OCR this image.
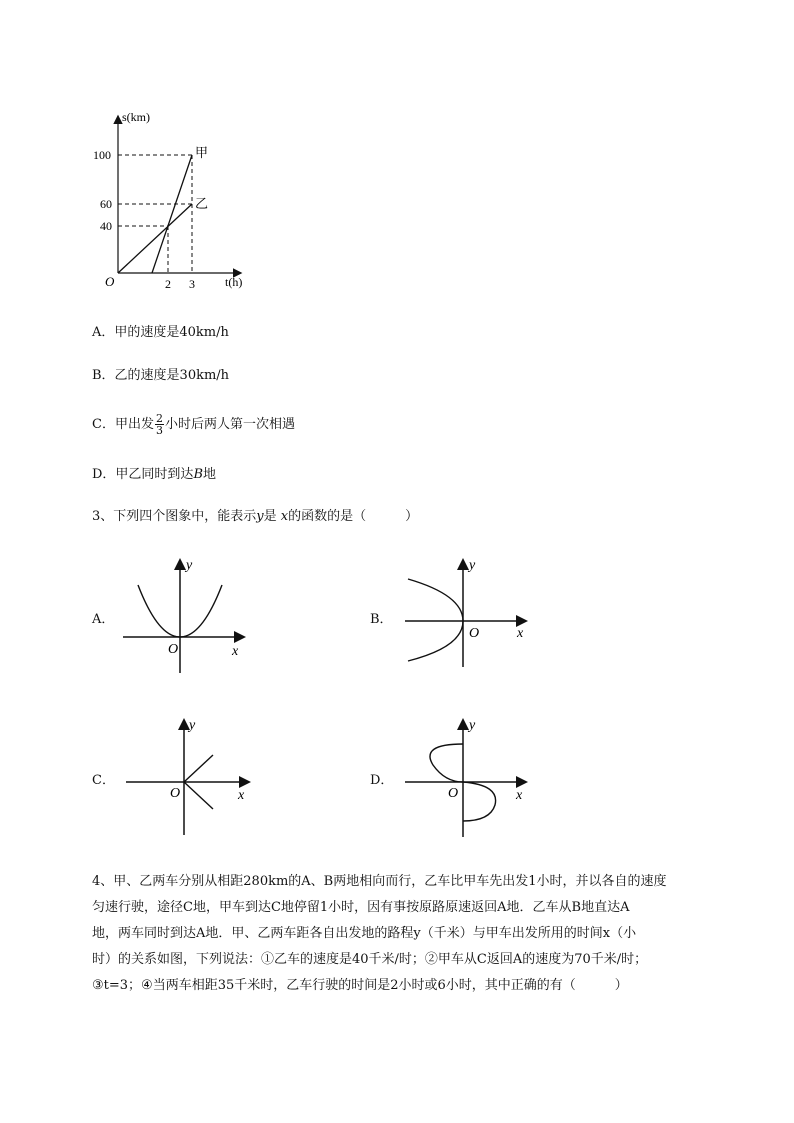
s(km)
t(h)
O
100
60
40
2 3
甲
乙
A．甲的速度是40km/h
B．乙的速度是30km/h
C．甲出发 $\frac{2}{3}$ 小时后两人第一次相遇
D．甲乙同时到达B地
3、下列四个图象中，能表示y是 x的函数的是（　　　）
A．
y
x
O
B．
y
x
O
C．
y
x
O
D．
y
x
O
4、甲、乙两车分别从相距280km的A、B两地相向而行，乙车比甲车先出发1小时，并以各自的速度
匀速行驶，途径C地，甲车到达C地停留1小时，因有事按原路原速返回A地．乙车从B地直达A
地，两车同时到达A地．甲、乙两车距各自出发地的路程y（千米）与甲车出发所用的时间x（小
时）的关系如图，下列说法：①乙车的速度是40千米/时；②甲车从C返回A的速度为70千米/时；
③t=3；④当两车相距35千米时，乙车行驶的时间是2小时或6小时，其中正确的有（　　　）
